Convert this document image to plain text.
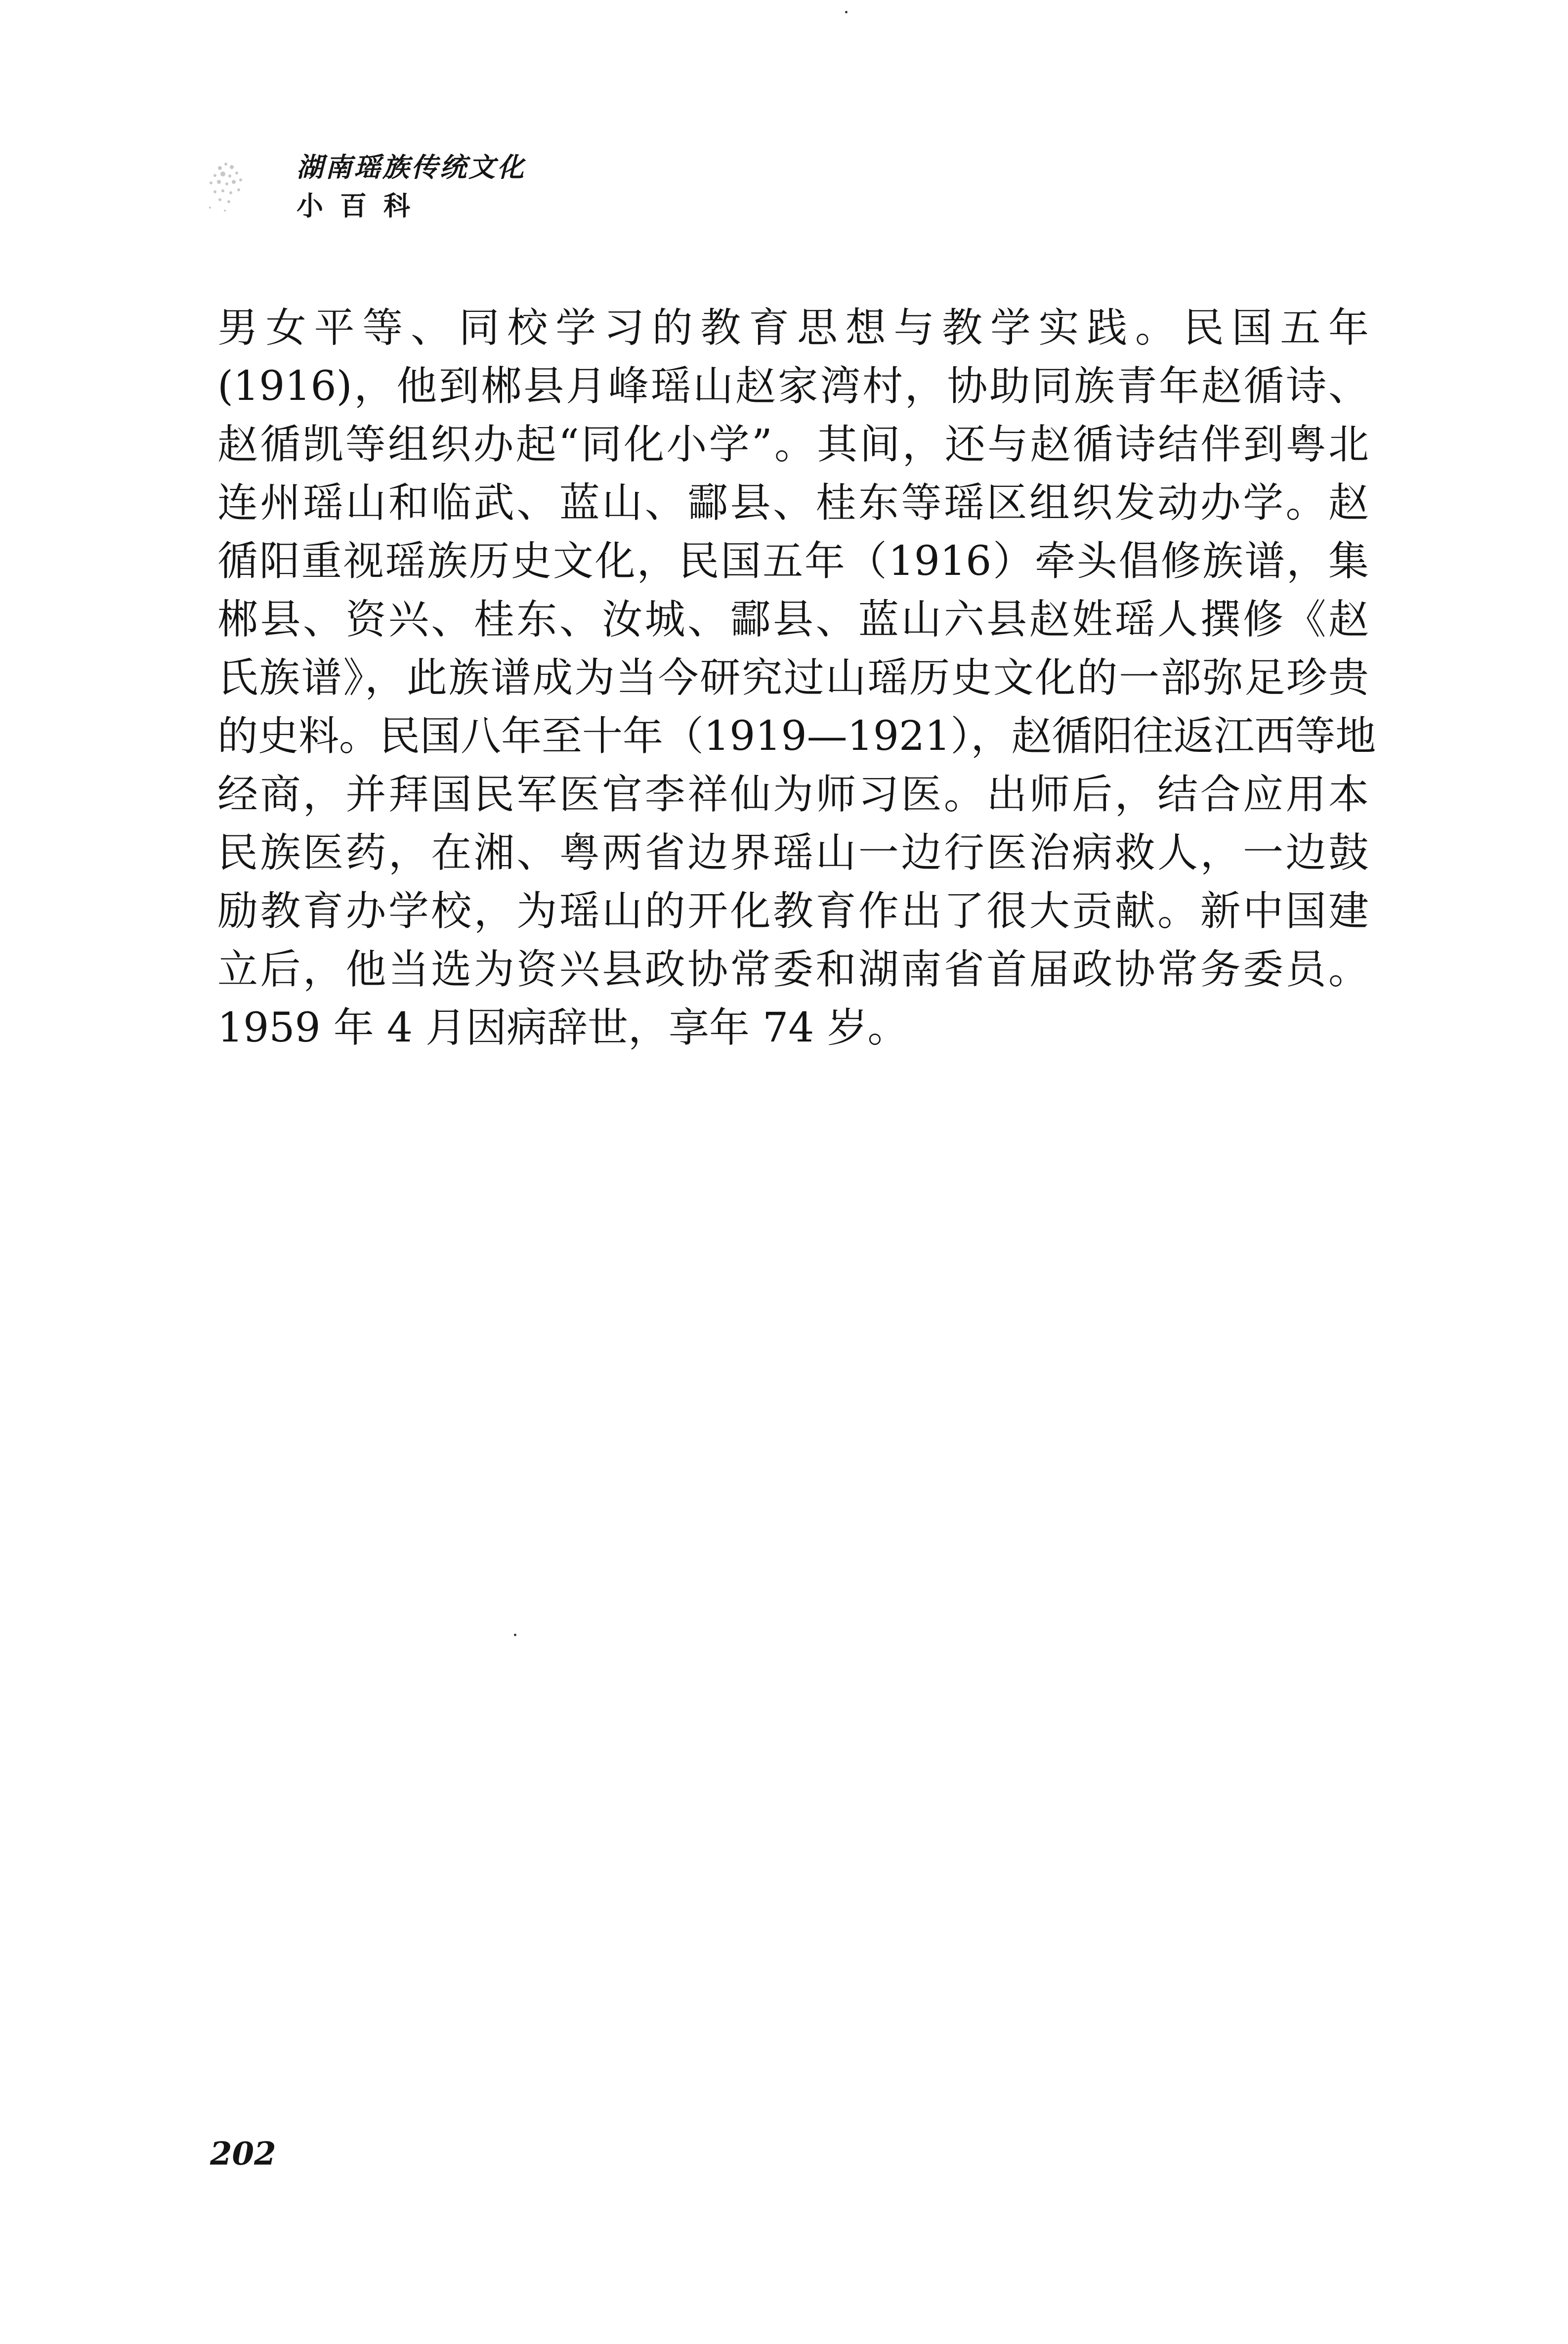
湖南瑶族传统文化
小百科
男女平等、同校学习的教育思想与教学实践。民国五年
(1916)，他到郴县月峰瑶山赵家湾村，协助同族青年赵循诗、
赵循凯等组织办起“同化小学”。其间，还与赵循诗结伴到粤北
连州瑶山和临武、蓝山、酃县、桂东等瑶区组织发动办学。赵
循阳重视瑶族历史文化，民国五年（1916）牵头倡修族谱，集
郴县、资兴、桂东、汝城、酃县、蓝山六县赵姓瑶人撰修《赵
氏族谱》，此族谱成为当今研究过山瑶历史文化的一部弥足珍贵
的史料。民国八年至十年（1919—1921），赵循阳往返江西等地
经商，并拜国民军医官李祥仙为师习医。出师后，结合应用本
民族医药，在湘、粤两省边界瑶山一边行医治病救人，一边鼓
励教育办学校，为瑶山的开化教育作出了很大贡献。新中国建
立后，他当选为资兴县政协常委和湖南省首届政协常务委员。
1959 年 4 月因病辞世，享年 74 岁。
202
